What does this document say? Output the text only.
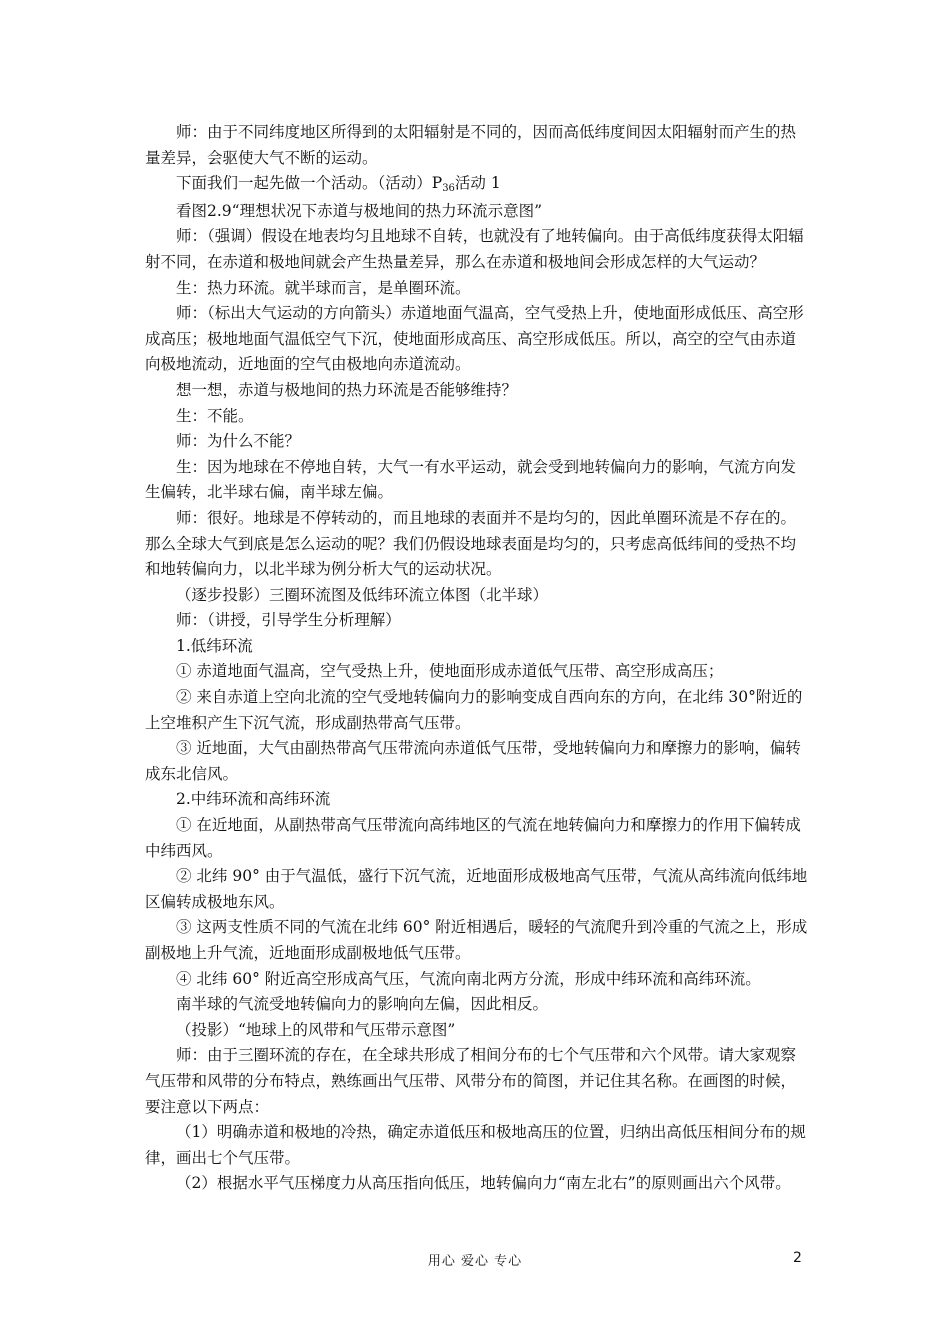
师：由于不同纬度地区所得到的太阳辐射是不同的，因而高低纬度间因太阳辐射而产生的热量差异，会驱使大气不断的运动。

下面我们一起先做一个活动。（活动）P36活动 1

看图2.9“理想状况下赤道与极地间的热力环流示意图”

师：（强调）假设在地表均匀且地球不自转，也就没有了地转偏向。由于高低纬度获得太阳辐射不同，在赤道和极地间就会产生热量差异，那么在赤道和极地间会形成怎样的大气运动？

生：热力环流。就半球而言，是单圈环流。

师：（标出大气运动的方向箭头）赤道地面气温高，空气受热上升，使地面形成低压、高空形成高压；极地地面气温低空气下沉，使地面形成高压、高空形成低压。所以，高空的空气由赤道向极地流动，近地面的空气由极地向赤道流动。

想一想，赤道与极地间的热力环流是否能够维持？

生：不能。

师：为什么不能？

生：因为地球在不停地自转，大气一有水平运动，就会受到地转偏向力的影响，气流方向发生偏转，北半球右偏，南半球左偏。

师：很好。地球是不停转动的，而且地球的表面并不是均匀的，因此单圈环流是不存在的。那么全球大气到底是怎么运动的呢？我们仍假设地球表面是均匀的，只考虑高低纬间的受热不均和地转偏向力，以北半球为例分析大气的运动状况。

（逐步投影）三圈环流图及低纬环流立体图（北半球）

师：（讲授，引导学生分析理解）

1.低纬环流

① 赤道地面气温高，空气受热上升，使地面形成赤道低气压带、高空形成高压；

② 来自赤道上空向北流的空气受地转偏向力的影响变成自西向东的方向，在北纬 30°附近的上空堆积产生下沉气流，形成副热带高气压带。

③ 近地面，大气由副热带高气压带流向赤道低气压带，受地转偏向力和摩擦力的影响，偏转成东北信风。

2.中纬环流和高纬环流

① 在近地面，从副热带高气压带流向高纬地区的气流在地转偏向力和摩擦力的作用下偏转成中纬西风。

② 北纬 90° 由于气温低，盛行下沉气流，近地面形成极地高气压带，气流从高纬流向低纬地区偏转成极地东风。

③ 这两支性质不同的气流在北纬 60° 附近相遇后，暖轻的气流爬升到冷重的气流之上，形成副极地上升气流，近地面形成副极地低气压带。

④ 北纬 60° 附近高空形成高气压，气流向南北两方分流，形成中纬环流和高纬环流。

南半球的气流受地转偏向力的影响向左偏，因此相反。

（投影）“地球上的风带和气压带示意图”

师：由于三圈环流的存在，在全球共形成了相间分布的七个气压带和六个风带。请大家观察气压带和风带的分布特点，熟练画出气压带、风带分布的简图，并记住其名称。在画图的时候，要注意以下两点：

（1）明确赤道和极地的冷热，确定赤道低压和极地高压的位置，归纳出高低压相间分布的规律，画出七个气压带。

（2）根据水平气压梯度力从高压指向低压，地转偏向力“南左北右”的原则画出六个风带。

用心 爱心 专心	2
